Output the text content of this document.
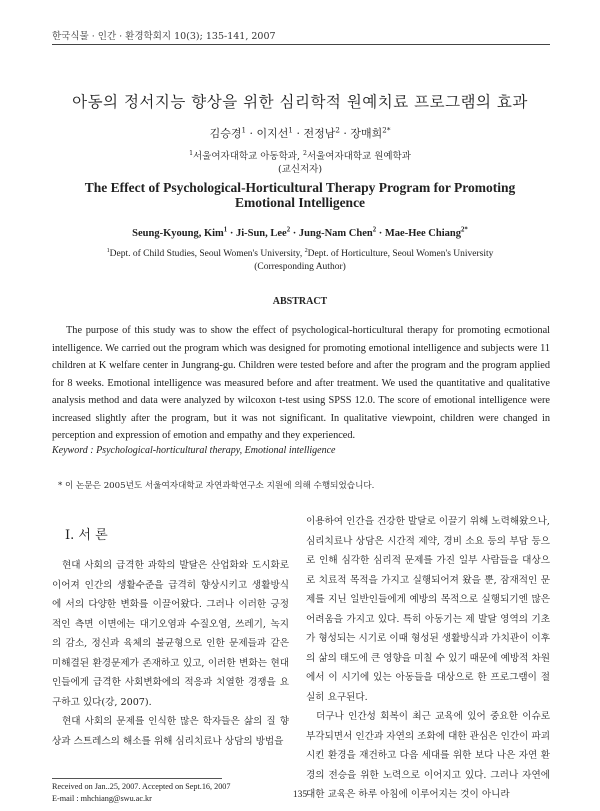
한국식물 · 인간 · 환경학회지 10(3); 135-141, 2007
아동의 정서지능 향상을 위한 심리학적 원예치료 프로그램의 효과
김승경$^1$ · 이지선$^1$ · 전정남$^2$ · 장매희$^{2*}$
$^1$서울여자대학교 아동학과, $^2$서울여자대학교 원예학과
(교신저자)
The Effect of Psychological-Horticultural Therapy Program for Promoting Emotional Intelligence
Seung-Kyoung, Kim$^1$ · Ji-Sun, Lee$^2$ · Jung-Nam Chen$^2$ · Mae-Hee Chiang$^{2*}$
$^1$Dept. of Child Studies, Seoul Women's University, $^2$Dept. of Horticulture, Seoul Women's University
(Corresponding Author)
ABSTRACT
The purpose of this study was to show the effect of psychological-horticultural therapy for promoting ecmotional intelligence. We carried out the program which was designed for promoting emotional intelligence and subjects were 11 children at K welfare center in Jungrang-gu. Children were tested before and after the program and the program applied for 8 weeks. Emotional intelligence was measured before and after treatment. We used the quantitative and qualitative analysis method and data were analyzed by wilcoxon t-test using SPSS 12.0. The score of emotional intelligence were increased slightly after the program, but it was not significant. In qualitative viewpoint, children were changed in perception and expression of emotion and empathy and they experienced.
Keyword : Psychological-horticultural therapy, Emotional intelligence
* 이 논문은 2005년도 서울여자대학교 자연과학연구소 지원에 의해 수행되었습니다.
I. 서 론

현대 사회의 급격한 과학의 발달은 산업화와 도시화로 이어져 인간의 생활수준을 급격히 향상시키고 생활방식에 서의 다양한 변화를 이끌어왔다. 그러나 이러한 긍정적인 측면 이면에는 대기오염과 수질오염, 쓰레기, 녹지의 감소, 정신과 육체의 불균형으로 인한 문제들과 같은 미해결된 환경문제가 존재하고 있고, 이러한 변화는 현대인들에게 급격한 사회변화에의 적응과 치열한 경쟁을 요구하고 있다(강, 2007).

현대 사회의 문제를 인식한 많은 학자들은 삶의 질 향상과 스트레스의 해소를 위해 심리치료나 상담의 방법을

이용하여 인간을 건강한 발달로 이끌기 위해 노력해왔으나, 심리치료나 상담은 시간적 제약, 경비 소요 등의 부담 등으로 인해 심각한 심리적 문제를 가진 일부 사람들을 대상으로 치료적 목적을 가지고 실행되어져 왔을 뿐, 잠재적인 문제를 지닌 일반인들에게 예방의 목적으로 실행되기엔 많은 어려움을 가지고 있다. 특히 아동기는 제 발달 영역의 기초가 형성되는 시기로 이때 형성된 생활방식과 가치관이 이후의 삶의 태도에 큰 영향을 미칠 수 있기 때문에 예방적 차원에서 이 시기에 있는 아동들을 대상으로 한 프로그램이 절실히 요구된다.

더구나 인간성 회복이 최근 교육에 있어 중요한 이슈로 부각되면서 인간과 자연의 조화에 대한 관심은 인간이 파괴시킨 환경을 재건하고 다음 세대를 위한 보다 나은 자연 환경의 전승을 위한 노력으로 이어지고 있다. 그러나 자연에 대한 교육은 하루 아침에 이루어지는 것이 아니라

Received on Jan..25, 2007. Accepted on Sept.16, 2007
E-mail : mhchiang@swu.ac.kr	135
